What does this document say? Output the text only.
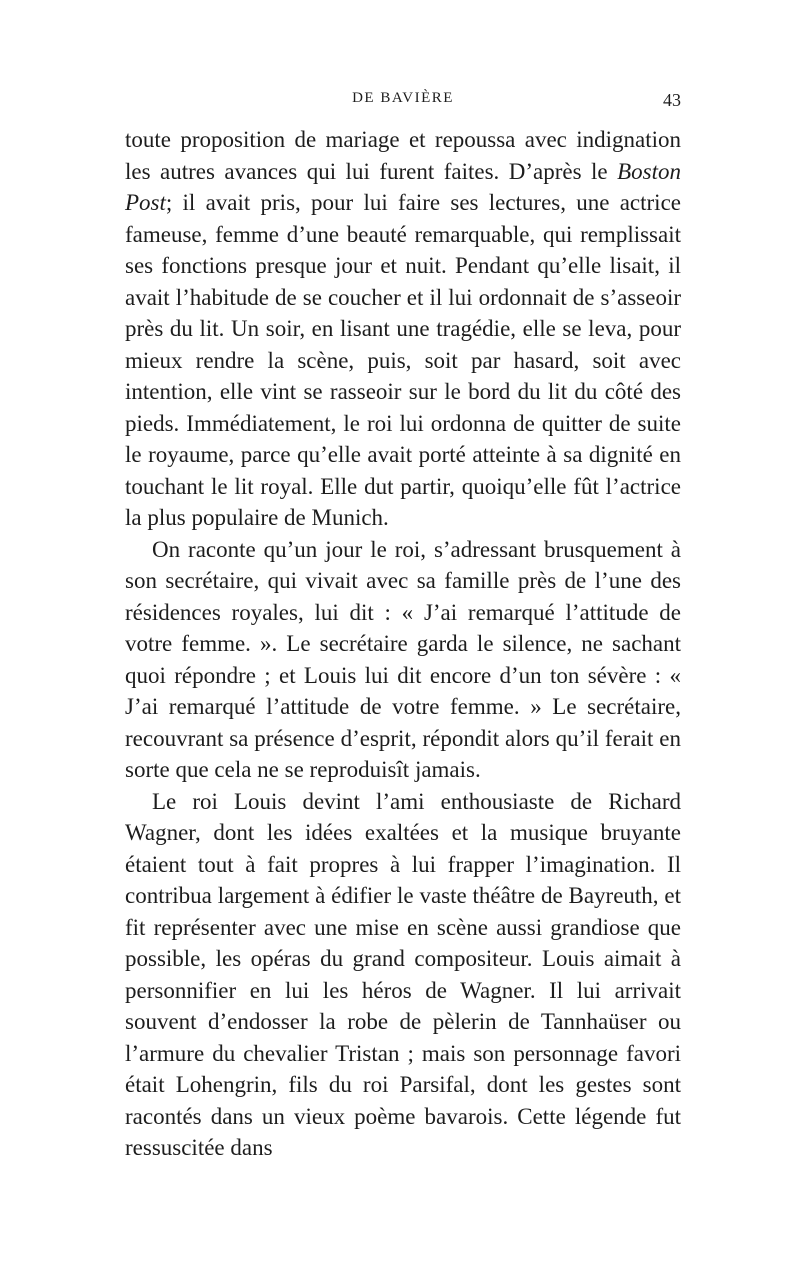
DE BAVIÈRE	43

toute proposition de mariage et repoussa avec indignation les autres avances qui lui furent faites. D’après le Boston Post; il avait pris, pour lui faire ses lectures, une actrice fameuse, femme d’une beauté remarquable, qui remplissait ses fonctions presque jour et nuit. Pendant qu’elle lisait, il avait l’habitude de se coucher et il lui ordonnait de s’asseoir près du lit. Un soir, en lisant une tragédie, elle se leva, pour mieux rendre la scène, puis, soit par hasard, soit avec intention, elle vint se rasseoir sur le bord du lit du côté des pieds. Immédiatement, le roi lui ordonna de quitter de suite le royaume, parce qu’elle avait porté atteinte à sa dignité en touchant le lit royal. Elle dut partir, quoiqu’elle fût l’actrice la plus populaire de Munich.

On raconte qu’un jour le roi, s’adressant brusquement à son secrétaire, qui vivait avec sa famille près de l’une des résidences royales, lui dit : « J’ai remarqué l’attitude de votre femme. ». Le secrétaire garda le silence, ne sachant quoi répondre ; et Louis lui dit encore d’un ton sévère : « J’ai remarqué l’attitude de votre femme. » Le secrétaire, recouvrant sa présence d’esprit, répondit alors qu’il ferait en sorte que cela ne se reproduisît jamais.

Le roi Louis devint l’ami enthousiaste de Richard Wagner, dont les idées exaltées et la musique bruyante étaient tout à fait propres à lui frapper l’imagination. Il contribua largement à édifier le vaste théâtre de Bayreuth, et fit représenter avec une mise en scène aussi grandiose que possible, les opéras du grand compositeur. Louis aimait à personnifier en lui les héros de Wagner. Il lui arrivait souvent d’endosser la robe de pèlerin de Tannhaüser ou l’armure du chevalier Tristan ; mais son personnage favori était Lohengrin, fils du roi Parsifal, dont les gestes sont racontés dans un vieux poème bavarois. Cette légende fut ressuscitée dans
